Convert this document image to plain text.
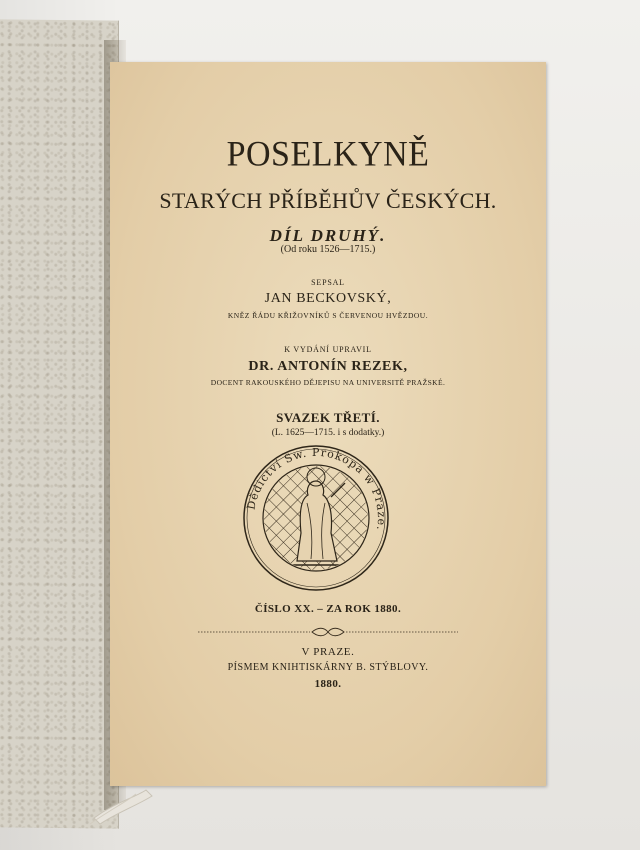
POSELKYNĚ
STARÝCH PŘÍBĚHŮV ČESKÝCH.
DÍL DRUHÝ.
(Od roku 1526—1715.)
SEPSAL
JAN BECKOVSKÝ,
KNĚZ ŘÁDU KŘIŽOVNÍKŮ S ČERVENOU HVĚZDOU.
K VYDÁNÍ UPRAVIL
DR. ANTONÍN REZEK,
DOCENT RAKOUSKÉHO DĚJEPISU NA UNIVERSITĚ PRAŽSKÉ.
SVAZEK TŘETÍ.
(L. 1625—1715. i s dodatky.)
Dědictví Sw. Prokopa w Praze.
ČÍSLO XX. – ZA ROK 1880.
V PRAZE.
PÍSMEM KNIHTISKÁRNY B. STÝBLOVY.
1880.
